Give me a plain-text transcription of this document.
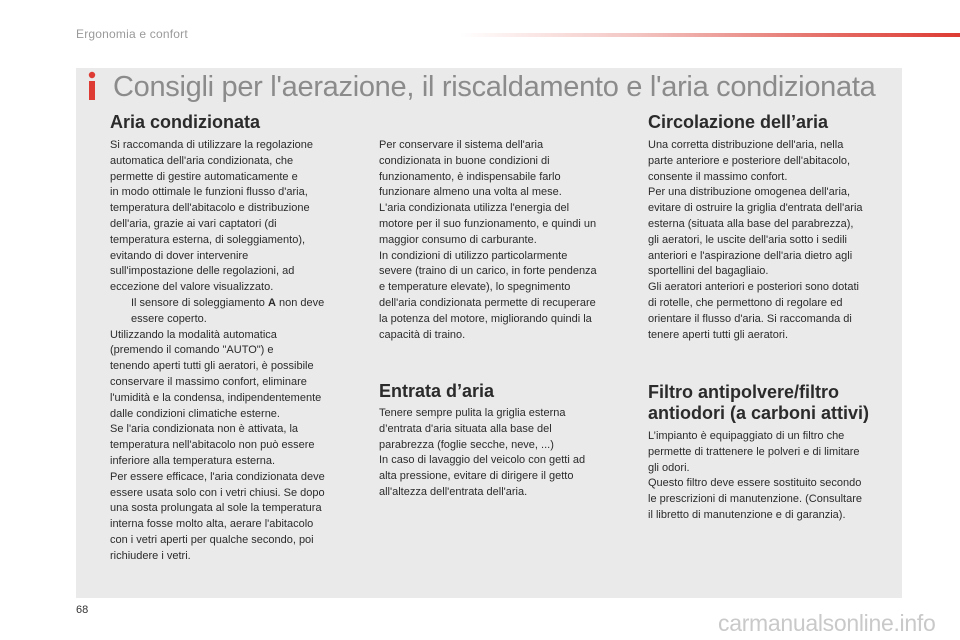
Ergonomia e confort
Consigli per l'aerazione, il riscaldamento e l'aria condizionata
Aria condizionata

Si raccomanda di utilizzare la regolazione

automatica dell'aria condizionata, che

permette di gestire automaticamente e

in modo ottimale le funzioni flusso d'aria,

temperatura dell'abitacolo e distribuzione

dell'aria, grazie ai vari captatori (di

temperatura esterna, di soleggiamento),

evitando di dover intervenire

sull'impostazione delle regolazioni, ad

eccezione del valore visualizzato.

Il sensore di soleggiamento A non deve
essere coperto.

Utilizzando la modalità automatica

(premendo il comando "AUTO") e

tenendo aperti tutti gli aeratori, è possibile

conservare il massimo confort, eliminare

l'umidità e la condensa, indipendentemente

dalle condizioni climatiche esterne.

Se l'aria condizionata non è attivata, la

temperatura nell'abitacolo non può essere

inferiore alla temperatura esterna.

Per essere efficace, l'aria condizionata deve

essere usata solo con i vetri chiusi. Se dopo

una sosta prolungata al sole la temperatura

interna fosse molto alta, aerare l'abitacolo

con i vetri aperti per qualche secondo, poi

richiudere i vetri.

Per conservare il sistema dell'aria

condizionata in buone condizioni di

funzionamento, è indispensabile farlo

funzionare almeno una volta al mese.

L'aria condizionata utilizza l'energia del

motore per il suo funzionamento, e quindi un

maggior consumo di carburante.

In condizioni di utilizzo particolarmente

severe (traino di un carico, in forte pendenza

e temperature elevate), lo spegnimento

dell'aria condizionata permette di recuperare

la potenza del motore, migliorando quindi la

capacità di traino.

Entrata d’aria

Tenere sempre pulita la griglia esterna

d’entrata d'aria situata alla base del

parabrezza (foglie secche, neve, ...)

In caso di lavaggio del veicolo con getti ad

alta pressione, evitare di dirigere il getto

all'altezza dell'entrata dell'aria.

Circolazione dell’aria

Una corretta distribuzione dell'aria, nella

parte anteriore e posteriore dell'abitacolo,

consente il massimo confort.

Per una distribuzione omogenea dell'aria,

evitare di ostruire la griglia d'entrata dell'aria

esterna (situata alla base del parabrezza),

gli aeratori, le uscite dell'aria sotto i sedili

anteriori e l'aspirazione dell'aria dietro agli

sportellini del bagagliaio.

Gli aeratori anteriori e posteriori sono dotati

di rotelle, che permettono di regolare ed

orientare il flusso d'aria. Si raccomanda di

tenere aperti tutti gli aeratori.

Filtro antipolvere/filtro
antiodori (a carboni attivi)

L’impianto è equipaggiato di un filtro che

permette di trattenere le polveri e di limitare

gli odori.

Questo filtro deve essere sostituito secondo

le prescrizioni di manutenzione. (Consultare

il libretto di manutenzione e di garanzia).

68	carmanualsonline.info
